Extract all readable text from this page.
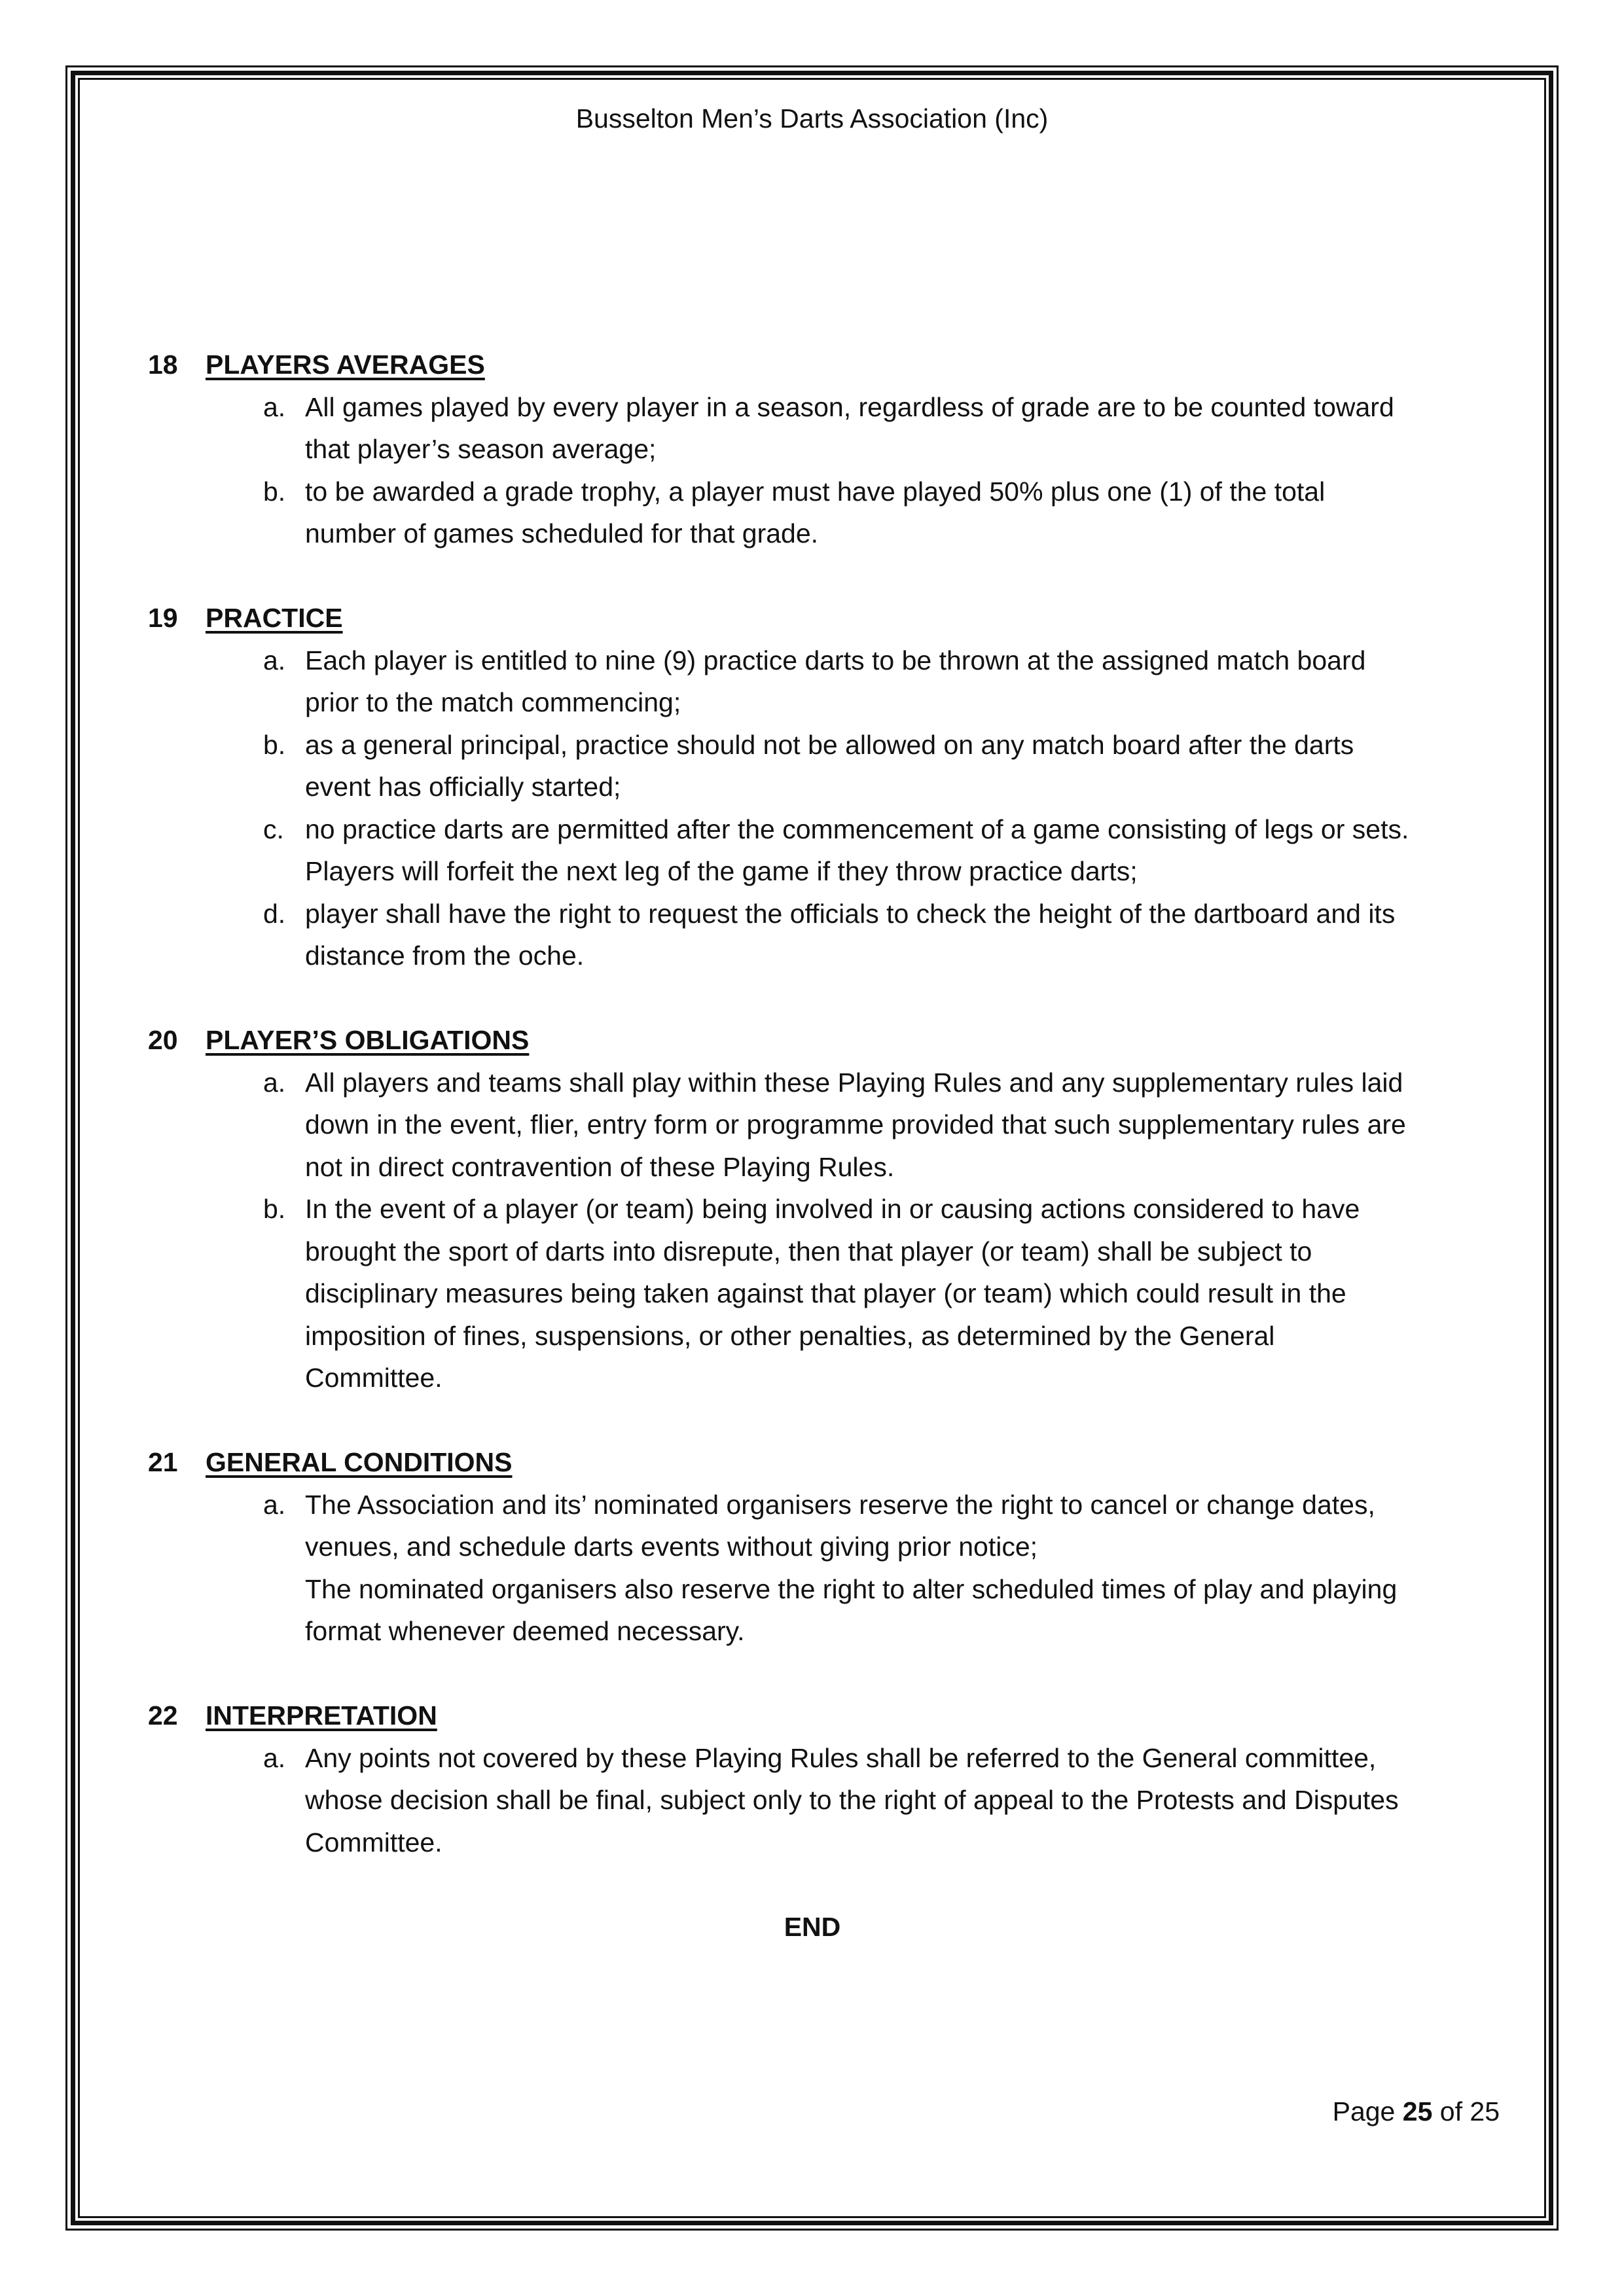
Busselton Men’s Darts Association (Inc)
18	PLAYERS AVERAGES
a. All games played by every player in a season, regardless of grade are to be counted toward that player’s season average;
b. to be awarded a grade trophy, a player must have played 50% plus one (1) of the total number of games scheduled for that grade.
19	PRACTICE
a. Each player is entitled to nine (9) practice darts to be thrown at the assigned match board prior to the match commencing;
b. as a general principal, practice should not be allowed on any match board after the darts event has officially started;
c. no practice darts are permitted after the commencement of a game consisting of legs or sets. Players will forfeit the next leg of the game if they throw practice darts;
d. player shall have the right to request the officials to check the height of the dartboard and its distance from the oche.
20	PLAYER’S OBLIGATIONS
a. All players and teams shall play within these Playing Rules and any supplementary rules laid down in the event, flier, entry form or programme provided that such supplementary rules are not in direct contravention of these Playing Rules.
b. In the event of a player (or team) being involved in or causing actions considered to have brought the sport of darts into disrepute, then that player (or team) shall be subject to disciplinary measures being taken against that player (or team) which could result in the imposition of fines, suspensions, or other penalties, as determined by the General Committee.
21	GENERAL CONDITIONS
a. The Association and its’ nominated organisers reserve the right to cancel or change dates, venues, and schedule darts events without giving prior notice;
The nominated organisers also reserve the right to alter scheduled times of play and playing format whenever deemed necessary.
22	INTERPRETATION
a. Any points not covered by these Playing Rules shall be referred to the General committee, whose decision shall be final, subject only to the right of appeal to the Protests and Disputes Committee.
END
Page 25 of 25
